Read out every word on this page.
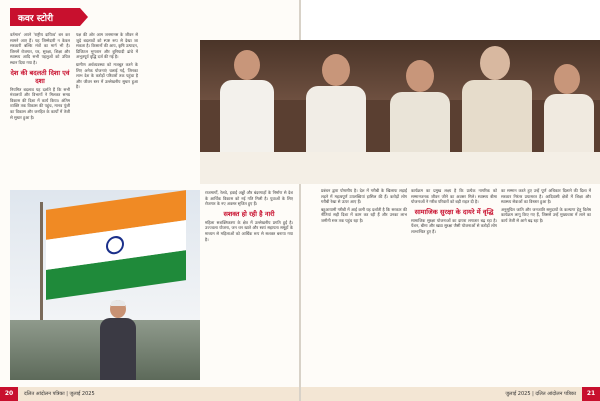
कवर स्टोरी

वर्तमान' अपने 'राष्ट्रीय दायित्व' बन कर सामने आए हैं। यह जिम्मेदारी न केवल सरकारी बल्कि मंत्रों का मार्ग भी है। जिसमें रोजगार, घर, सुरक्षा, शिक्षा और स्वास्थ्य आदि सभी पहलुओं को उचित स्थान दिया गया है।

देश की बदलती दिशा एवं दशा

नियमित बदलाव यह दर्शाते हैं कि सभी मंत्रालयों और विभागों ने मिलकर समग्र विकास की दिशा में कार्य किया। अंतिम व्यक्ति तक विकास की पहुंच, मानव पूंजी का विकास और जनहित के कार्यों में तेजी से सुधार हुआ है।

पक्ष की ओर आम जनमानस के जीवन से जुड़े बदलावों को स्पष्ट रूप से देखा जा सकता है। किसानों की आय, कृषि उत्पादन, डिजिटल भुगतान और बुनियादी ढांचे में अभूतपूर्व वृद्धि दर्ज की गई है।

ग्रामीण अर्थव्यवस्था को मजबूत करने के लिए अनेक योजनाएं चलाई गईं, जिनका लाभ देश के करोड़ों परिवारों तक पहुंचा है और जीवन स्तर में उल्लेखनीय सुधार हुआ है।

राजमार्गों, रेलवे, हवाई अड्डों और बंदरगाहों के निर्माण से देश के आर्थिक विकास को नई गति मिली है। युवाओं के लिए रोजगार के नए अवसर सृजित हुए हैं।

सशक्त हो रही है नारी

महिला सशक्तिकरण के क्षेत्र में उल्लेखनीय प्रगति हुई है। उज्ज्वला योजना, जन धन खाते और स्वयं सहायता समूहों के माध्यम से महिलाओं को आर्थिक रूप से सशक्त बनाया गया है।

20	दलित आंदोलन पत्रिका | जुलाई 2025

प्रबंधन द्वारा पोषणीय है। देश में गरीबी के खिलाफ लड़ाई लड़ने में महत्वपूर्ण उपलब्धियां हासिल की हैं। करोड़ों लोग गरीबी रेखा से ऊपर आए हैं।

बहुआयामी गरीबी में आई कमी यह दर्शाती है कि सरकार की नीतियां सही दिशा में काम कर रही हैं और उनका लाभ जमीनी स्तर तक पहुंच रहा है।

कार्यक्रम का प्रमुख लक्ष्य है कि प्रत्येक नागरिक को सम्मानजनक जीवन जीने का अवसर मिले। स्वास्थ्य बीमा योजनाओं ने गरीब परिवारों को बड़ी राहत दी है।

सामाजिक सुरक्षा के दायरे में वृद्धि

सामाजिक सुरक्षा योजनाओं का दायरा लगातार बढ़ रहा है। पेंशन, बीमा और खाद्य सुरक्षा जैसी योजनाओं से करोड़ों लोग लाभान्वित हुए हैं।

का सम्मान करते हुए उन्हें पूर्ण अधिकार दिलाने की दिशा में सरकार निरंतर प्रयासरत है। आदिवासी क्षेत्रों में शिक्षा और स्वास्थ्य सेवाओं का विस्तार हुआ है।

अनुसूचित जाति और जनजाति समुदायों के कल्याण हेतु विशेष कार्यक्रम लागू किए गए हैं, जिससे उन्हें मुख्यधारा में लाने का कार्य तेजी से आगे बढ़ रहा है।

जुलाई 2025 | दलित आंदोलन पत्रिका	21
